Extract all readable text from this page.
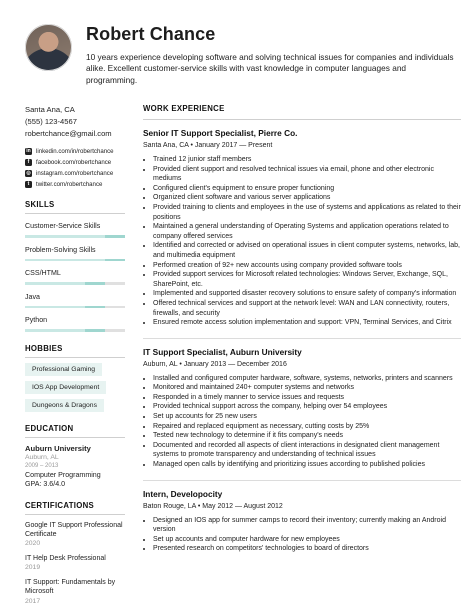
Robert Chance
10 years experience developing software and solving technical issues for companies and individuals alike. Excellent customer-service skills with vast knowledge in computer languages and programming.
Santa Ana, CA
(555) 123-4567
robertchance@gmail.com
in linkedin.com/in/robertchance
f	facebook.com/robertchance
◎ instagram.com/robertchance
t	twitter.com/robertchance
SKILLS
Customer-Service Skills
Problem-Solving Skills
CSS/HTML
Java
Python
HOBBIES
Professional Gaming
IOS App Development
Dungeons & Dragons
EDUCATION
Auburn University
Auburn, AL
2009 – 2013
Computer Programming
GPA: 3.6/4.0
CERTIFICATIONS
Google IT Support Professional Certificate
2020
IT Help Desk Professional
2019
IT Support: Fundamentals by Microsoft
2017
WORK EXPERIENCE
Senior IT Support Specialist, Pierre Co.
Santa Ana, CA • January 2017 — Present
• Trained 12 junior staff members
• Provided client support and resolved technical issues via email, phone and other electronic mediums
• Configured client's equipment to ensure proper functioning
• Organized client software and various server applications
• Provided training to clients and employees in the use of systems and applications as related to their positions
• Maintained a general understanding of Operating Systems and application operations related to company offered services
• Identified and corrected or advised on operational issues in client computer systems, networks, lab, and multimedia equipment
• Performed creation of 92+ new accounts using company provided software tools
• Provided support services for Microsoft related technologies: Windows Server, Exchange, SQL, SharePoint, etc.
• Implemented and supported disaster recovery solutions to ensure safety of company's information
• Offered technical services and support at the network level: WAN and LAN connectivity, routers, firewalls, and security
• Ensured remote access solution implementation and support: VPN, Terminal Services, and Citrix
IT Support Specialist, Auburn University
Auburn, AL • January 2013 — December 2016
• Installed and configured computer hardware, software, systems, networks, printers and scanners
• Monitored and maintained 240+ computer systems and networks
• Responded in a timely manner to service issues and requests
• Provided technical support across the company, helping over 54 employees
• Set up accounts for 25 new users
• Repaired and replaced equipment as necessary, cutting costs by 25%
• Tested new technology to determine if it fits company's needs
• Documented and recorded all aspects of client interactions in designated client management systems to promote transparency and understanding of technical issues
• Managed open calls by identifying and prioritizing issues according to published policies
Intern, Developocity
Baton Rouge, LA • May 2012 — August 2012
• Designed an IOS app for summer camps to record their inventory; currently making an Android version
• Set up accounts and computer hardware for new employees
• Presented research on competitors' technologies to board of directors
